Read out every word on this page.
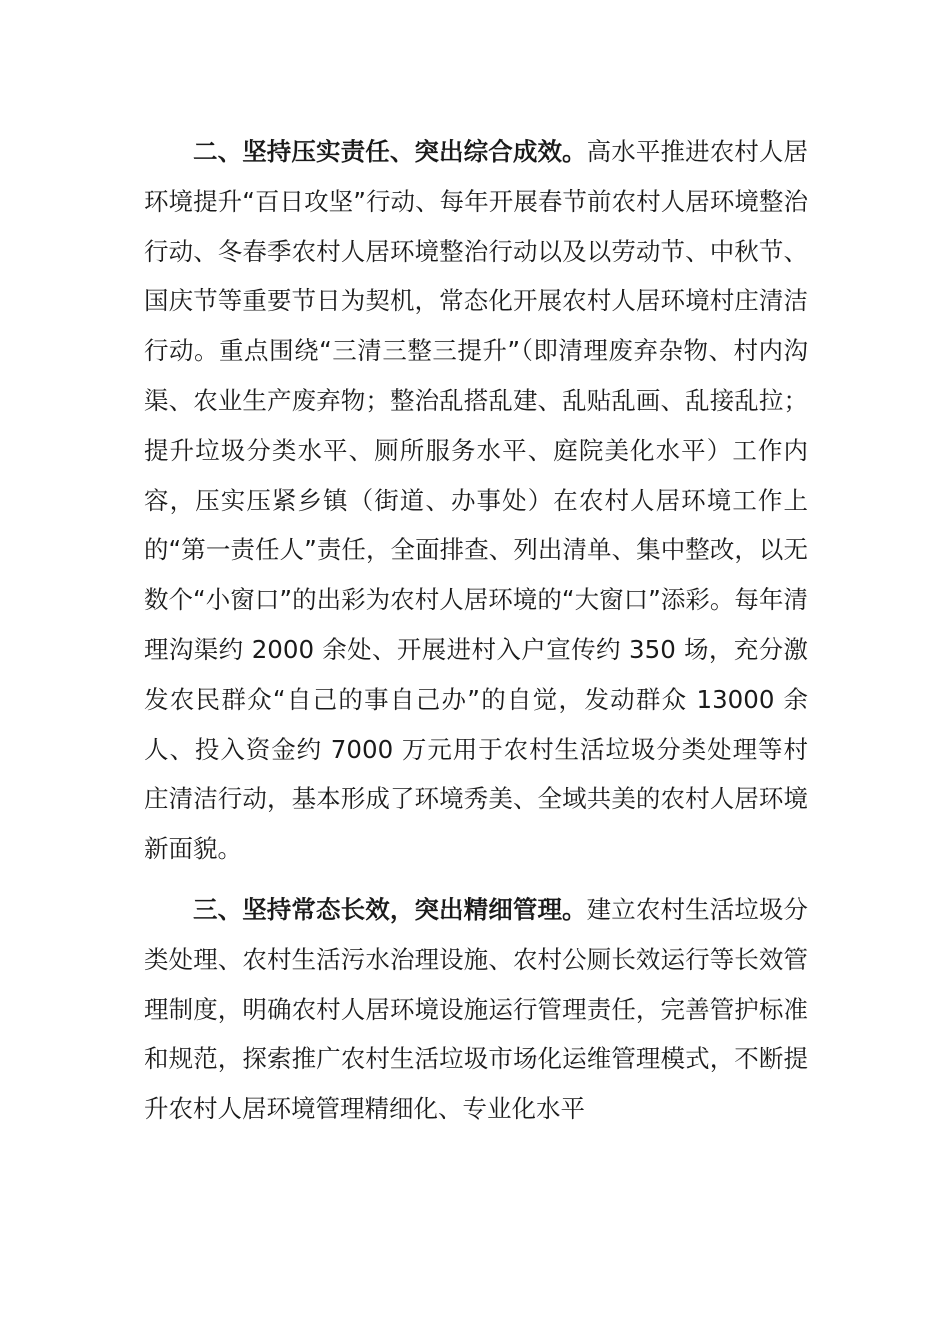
二、坚持压实责任、突出综合成效。高水平推进农村人居环境提升“百日攻坚”行动、每年开展春节前农村人居环境整治行动、冬春季农村人居环境整治行动以及以劳动节、中秋节、国庆节等重要节日为契机，常态化开展农村人居环境村庄清洁行动。重点围绕“三清三整三提升”（即清理废弃杂物、村内沟渠、农业生产废弃物；整治乱搭乱建、乱贴乱画、乱接乱拉；提升垃圾分类水平、厕所服务水平、庭院美化水平）工作内容，压实压紧乡镇（街道、办事处）在农村人居环境工作上的“第一责任人”责任，全面排查、列出清单、集中整改，以无数个“小窗口”的出彩为农村人居环境的“大窗口”添彩。每年清理沟渠约 2000 余处、开展进村入户宣传约 350 场，充分激发农民群众“自己的事自己办”的自觉，发动群众 13000 余人、投入资金约 7000 万元用于农村生活垃圾分类处理等村庄清洁行动，基本形成了环境秀美、全域共美的农村人居环境新面貌。

三、坚持常态长效，突出精细管理。建立农村生活垃圾分类处理、农村生活污水治理设施、农村公厕长效运行等长效管理制度，明确农村人居环境设施运行管理责任，完善管护标准和规范，探索推广农村生活垃圾市场化运维管理模式，不断提升农村人居环境管理精细化、专业化水平
